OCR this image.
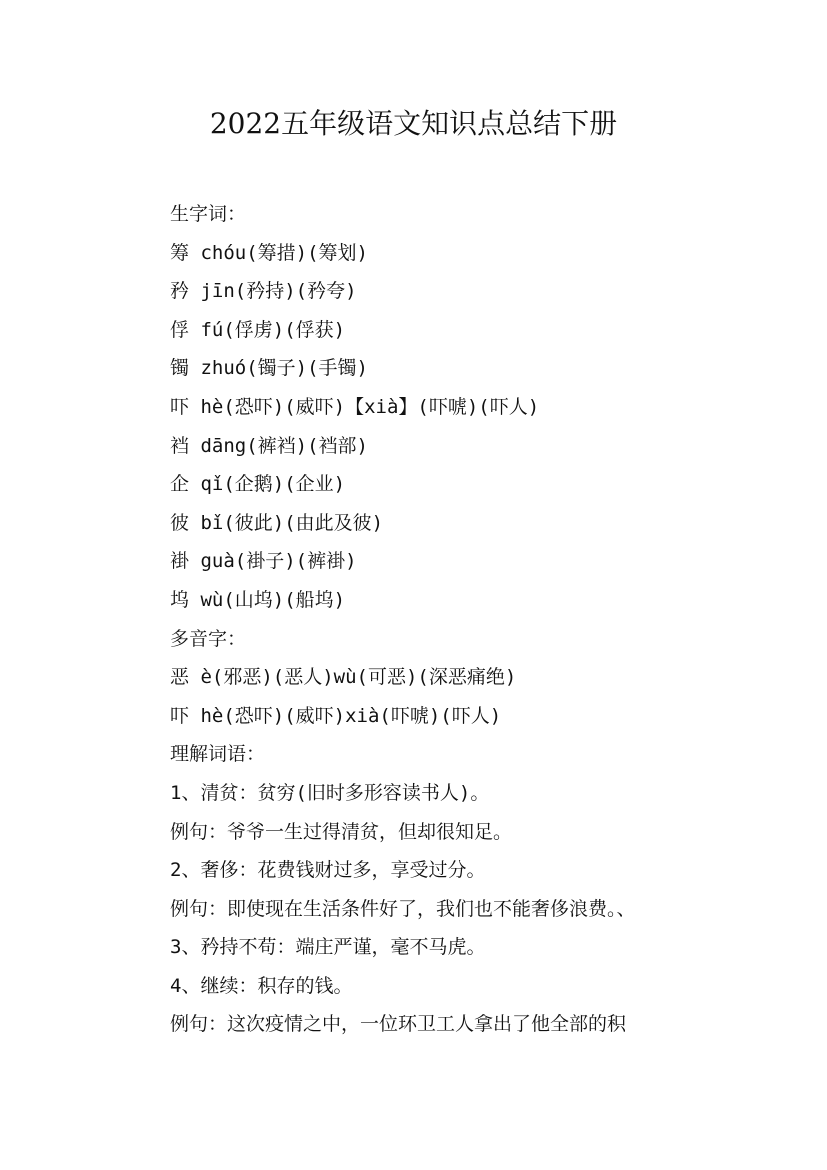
2022五年级语文知识点总结下册
生字词：
筹 chóu(筹措)(筹划)
矜 jīn(矜持)(矜夸)
俘 fú(俘虏)(俘获)
镯 zhuó(镯子)(手镯)
吓 hè(恐吓)(威吓)【xià】(吓唬)(吓人)
裆 dāng(裤裆)(裆部)
企 qǐ(企鹅)(企业)
彼 bǐ(彼此)(由此及彼)
褂 guà(褂子)(裤褂)
坞 wù(山坞)(船坞)
多音字：
恶 è(邪恶)(恶人)wù(可恶)(深恶痛绝)
吓 hè(恐吓)(威吓)xià(吓唬)(吓人)
理解词语：
1、清贫：贫穷(旧时多形容读书人)。
例句：爷爷一生过得清贫，但却很知足。
2、奢侈：花费钱财过多，享受过分。
例句：即使现在生活条件好了，我们也不能奢侈浪费。、
3、矜持不苟：端庄严谨，毫不马虎。
4、继续：积存的钱。
例句：这次疫情之中，一位环卫工人拿出了他全部的积
